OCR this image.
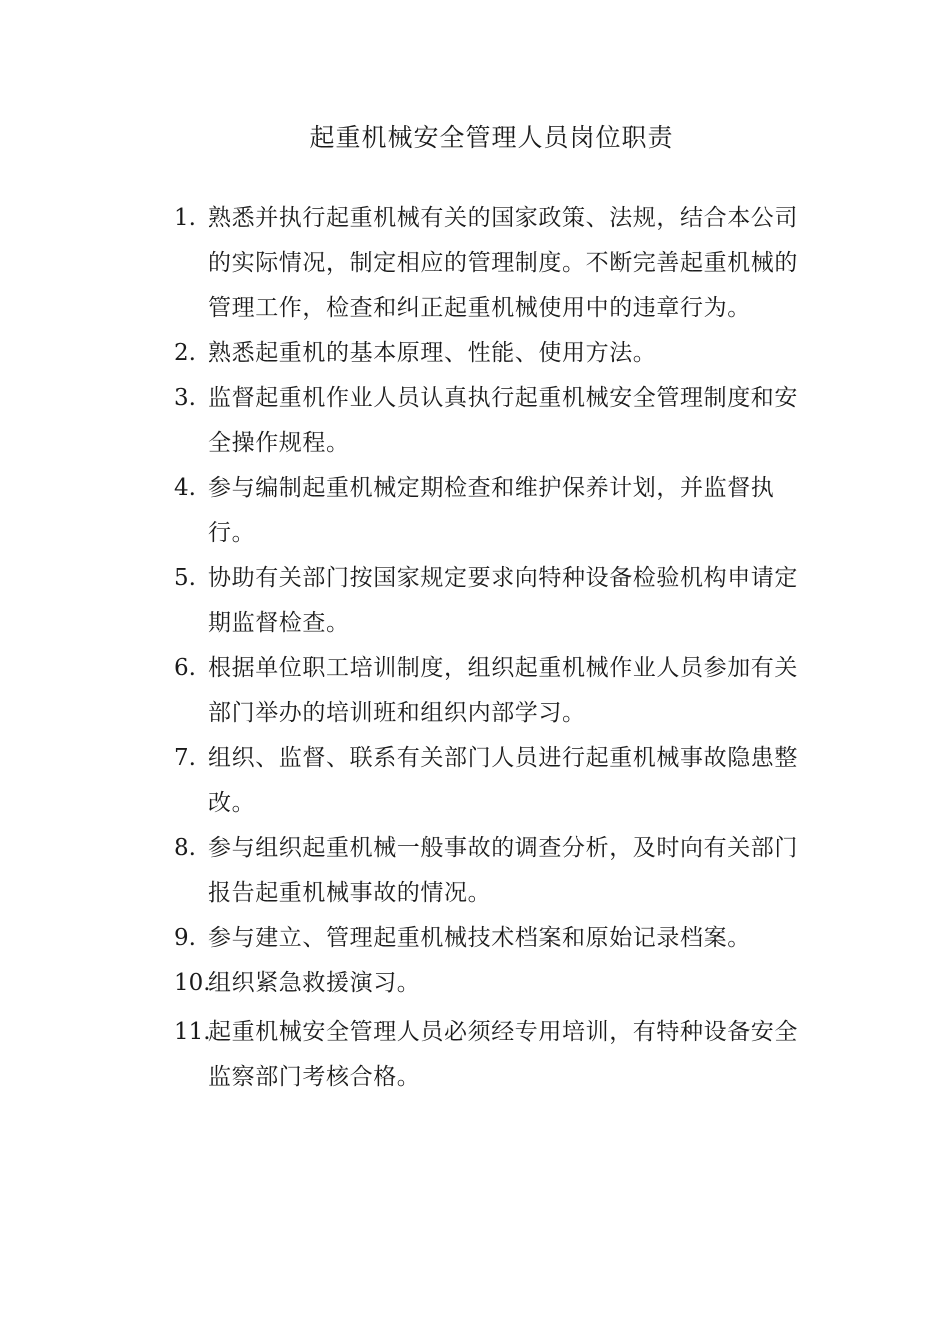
起重机械安全管理人员岗位职责
1. 熟悉并执行起重机械有关的国家政策、法规，结合本公司的实际情况，制定相应的管理制度。不断完善起重机械的管理工作，检查和纠正起重机械使用中的违章行为。
2. 熟悉起重机的基本原理、性能、使用方法。
3. 监督起重机作业人员认真执行起重机械安全管理制度和安全操作规程。
4. 参与编制起重机械定期检查和维护保养计划，并监督执行。
5. 协助有关部门按国家规定要求向特种设备检验机构申请定期监督检查。
6. 根据单位职工培训制度，组织起重机械作业人员参加有关部门举办的培训班和组织内部学习。
7. 组织、监督、联系有关部门人员进行起重机械事故隐患整改。
8. 参与组织起重机械一般事故的调查分析，及时向有关部门报告起重机械事故的情况。
9. 参与建立、管理起重机械技术档案和原始记录档案。
10.
组织紧急救援演习。
11.
起重机械安全管理人员必须经专用培训，有特种设备安全监察部门考核合格。
